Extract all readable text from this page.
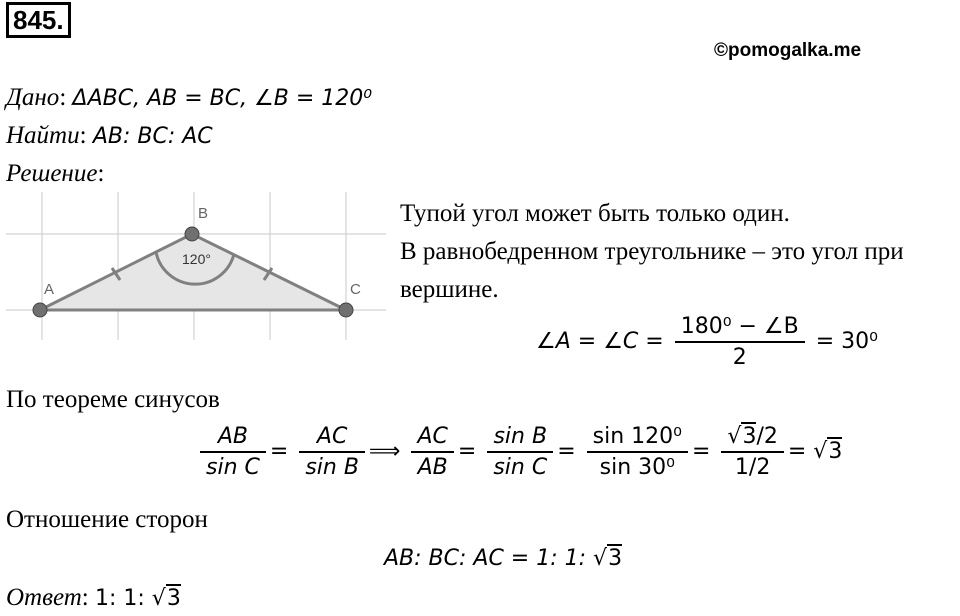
845.
©pomogalka.me
Дано: ΔABC, AB = BC, ∠B = 120⁰
Найти: AB: BC: AC
Решение:
A
B
C
120°
Тупой угол может быть только один.
В равнобедренном треугольнике – это угол при
вершине.
∠A = ∠C = $\frac{\text{180⁰ − ∠B}}{2} = 30^0$
По теореме синусов
$\frac{AB}{\text{sin C}} = \frac{AC}{\text{sin B}}$ ⟹ $\frac{AC}{AB} = \frac{\text{sin B}}{\text{sin C}} = \frac{\text{sin 120⁰}}{\text{sin 30⁰}} = \frac{√3/2}{1/2} = √3$
Отношение сторон
AB: BC: AC = 1: 1: √3
Ответ: 1: 1: √3
